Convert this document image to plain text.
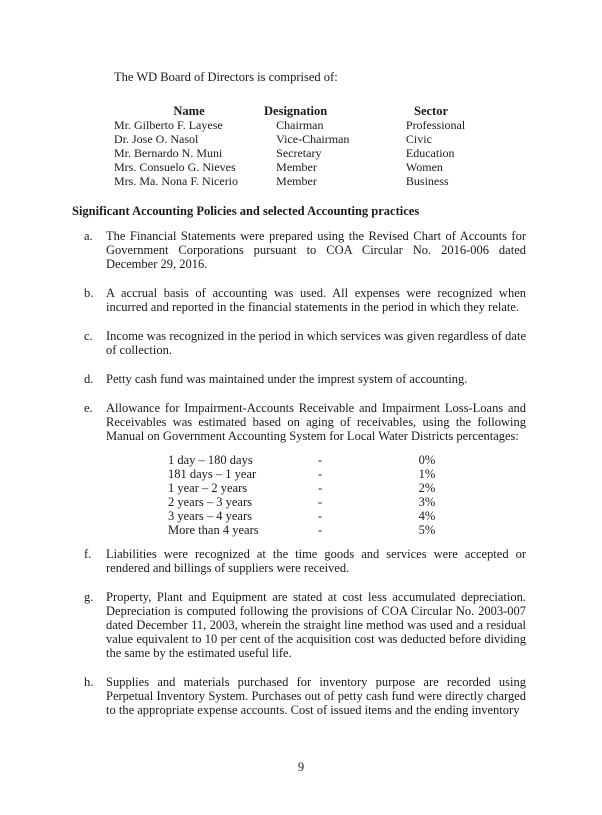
The WD Board of Directors is comprised of:
Name	Designation	Sector
Mr. Gilberto F. Layese	Chairman	Professional
Dr. Jose O. Nasol	Vice-Chairman	Civic
Mr. Bernardo N. Muni	Secretary	Education
Mrs. Consuelo G. Nieves	Member	Women
Mrs. Ma. Nona F. Nicerio	Member	Business
Significant Accounting Policies and selected Accounting practices
a.	The Financial Statements were prepared using the Revised Chart of Accounts for Government Corporations pursuant to COA Circular No. 2016-006 dated December 29, 2016.
b.	A accrual basis of accounting was used. All expenses were recognized when incurred and reported in the financial statements in the period in which they relate.
c.	Income was recognized in the period in which services was given regardless of date of collection.
d.	Petty cash fund was maintained under the imprest system of accounting.
e.	Allowance for Impairment-Accounts Receivable and Impairment Loss-Loans and Receivables was estimated based on aging of receivables, using the following Manual on Government Accounting System for Local Water Districts percentages:
1 day – 180 days	-	0%
181 days – 1 year	-	1%
1 year – 2 years	-	2%
2 years – 3 years	-	3%
3 years – 4 years	-	4%
More than 4 years	-	5%
f.	Liabilities were recognized at the time goods and services were accepted or rendered and billings of suppliers were received.
g.	Property, Plant and Equipment are stated at cost less accumulated depreciation. Depreciation is computed following the provisions of COA Circular No. 2003-007 dated December 11, 2003, wherein the straight line method was used and a residual value equivalent to 10 per cent of the acquisition cost was deducted before dividing the same by the estimated useful life.
h.	Supplies and materials purchased for inventory purpose are recorded using Perpetual Inventory System. Purchases out of petty cash fund were directly charged to the appropriate expense accounts. Cost of issued items and the ending inventory
9
